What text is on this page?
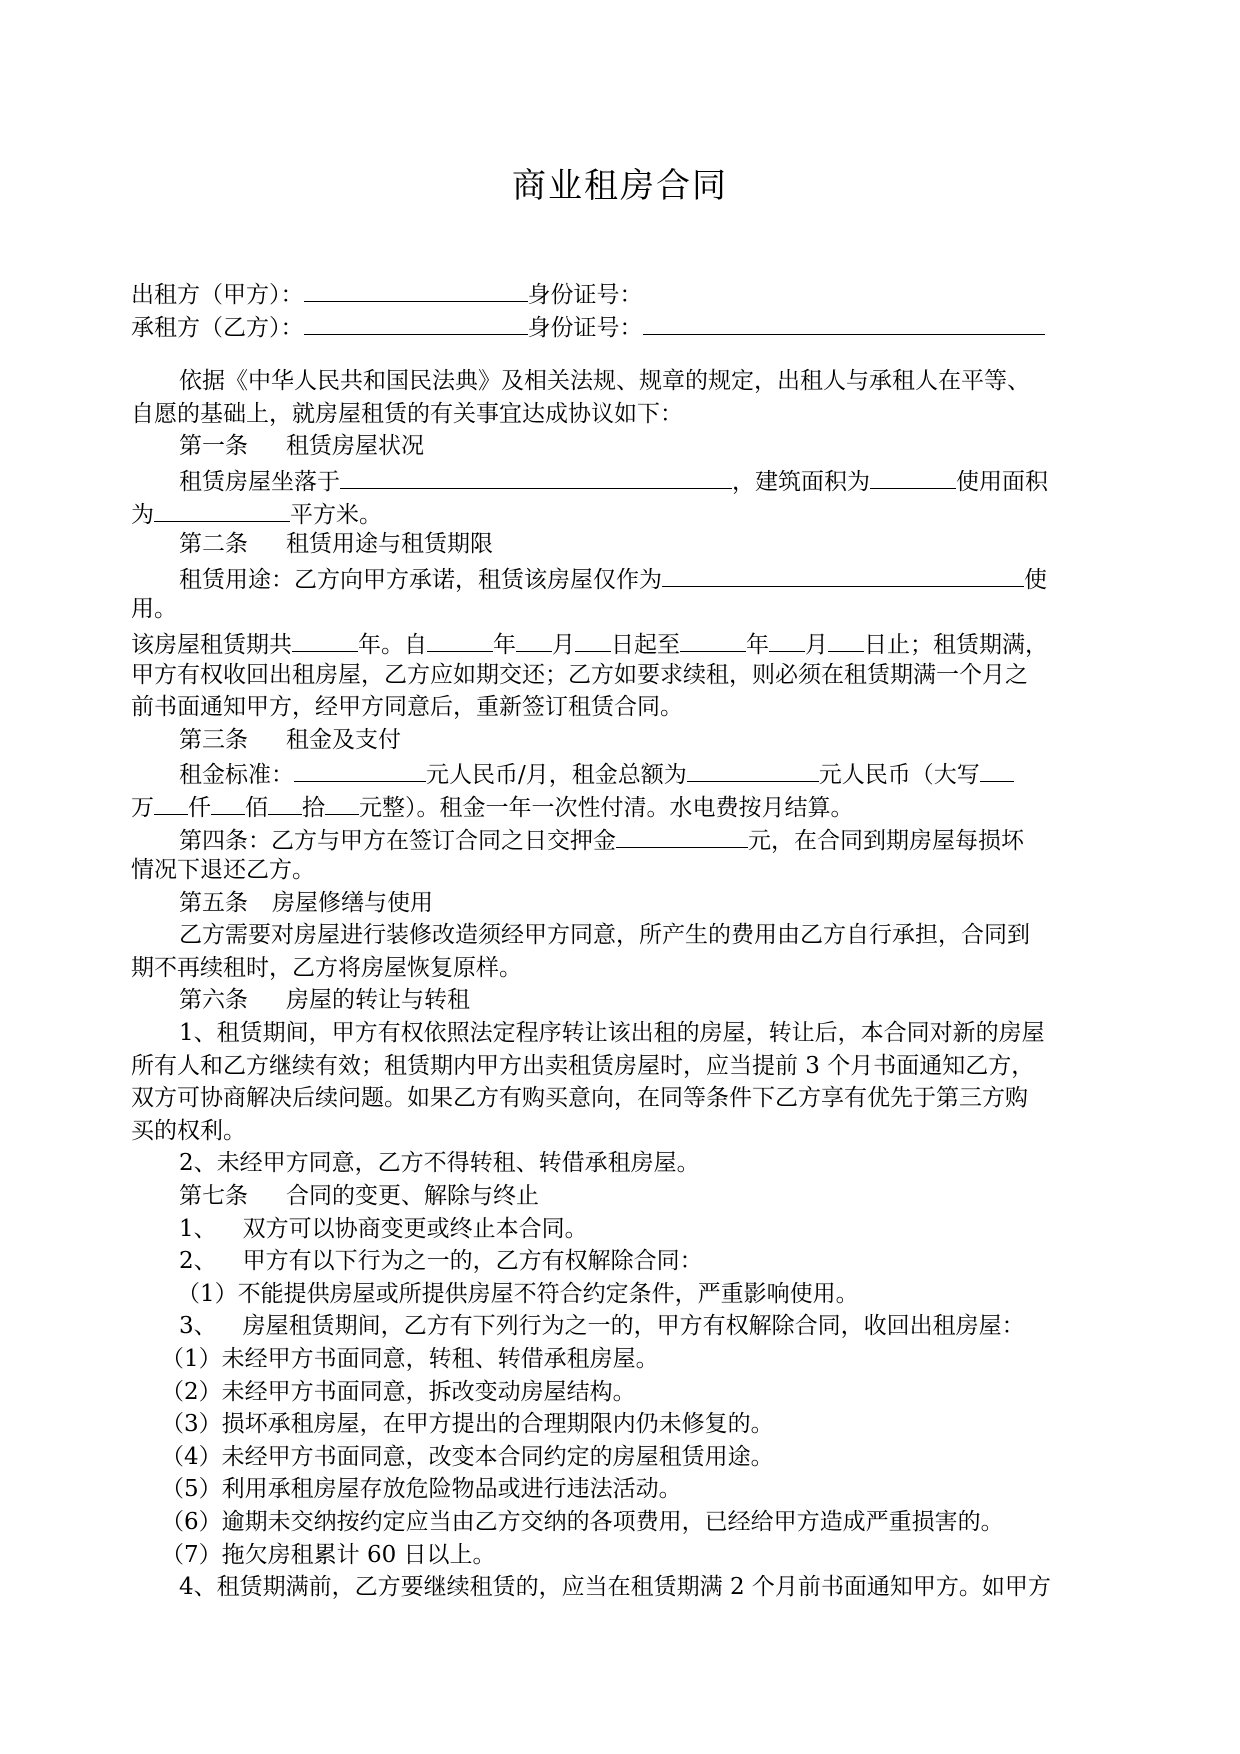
商业租房合同
出租方（甲方）：	身份证号：
承租方（乙方）：	身份证号：
依据《中华人民共和国民法典》及相关法规、规章的规定，出租人与承租人在平等、
自愿的基础上，就房屋租赁的有关事宜达成协议如下：
第一条 租赁房屋状况
租赁房屋坐落于	，建筑面积为	使用面积
为	平方米。
第二条 租赁用途与租赁期限
租赁用途：乙方向甲方承诺，租赁该房屋仅作为	使
用。
该房屋租赁期共	年。自	年 月 日起至	年 月 日止；租赁期满，
甲方有权收回出租房屋，乙方应如期交还；乙方如要求续租，则必须在租赁期满一个月之
前书面通知甲方，经甲方同意后，重新签订租赁合同。
第三条 租金及支付
租金标准：	元人民币/月，租金总额为	元人民币（大写
万 仟 佰 拾 元整）。租金一年一次性付清。水电费按月结算。
第四条：乙方与甲方在签订合同之日交押金	元，在合同到期房屋每损坏
情况下退还乙方。
第五条 房屋修缮与使用
乙方需要对房屋进行装修改造须经甲方同意，所产生的费用由乙方自行承担，合同到
期不再续租时，乙方将房屋恢复原样。
第六条 房屋的转让与转租
1、租赁期间，甲方有权依照法定程序转让该出租的房屋，转让后，本合同对新的房屋
所有人和乙方继续有效；租赁期内甲方出卖租赁房屋时，应当提前 3 个月书面通知乙方，
双方可协商解决后续问题。如果乙方有购买意向，在同等条件下乙方享有优先于第三方购
买的权利。
2、未经甲方同意，乙方不得转租、转借承租房屋。
第七条 合同的变更、解除与终止
1、 双方可以协商变更或终止本合同。
2、 甲方有以下行为之一的，乙方有权解除合同：
（1）不能提供房屋或所提供房屋不符合约定条件，严重影响使用。
3、 房屋租赁期间，乙方有下列行为之一的，甲方有权解除合同，收回出租房屋：
（1）未经甲方书面同意，转租、转借承租房屋。
（2）未经甲方书面同意，拆改变动房屋结构。
（3）损坏承租房屋，在甲方提出的合理期限内仍未修复的。
（4）未经甲方书面同意，改变本合同约定的房屋租赁用途。
（5）利用承租房屋存放危险物品或进行违法活动。
（6）逾期未交纳按约定应当由乙方交纳的各项费用，已经给甲方造成严重损害的。
（7）拖欠房租累计 60 日以上。
4、租赁期满前，乙方要继续租赁的，应当在租赁期满 2 个月前书面通知甲方。如甲方
